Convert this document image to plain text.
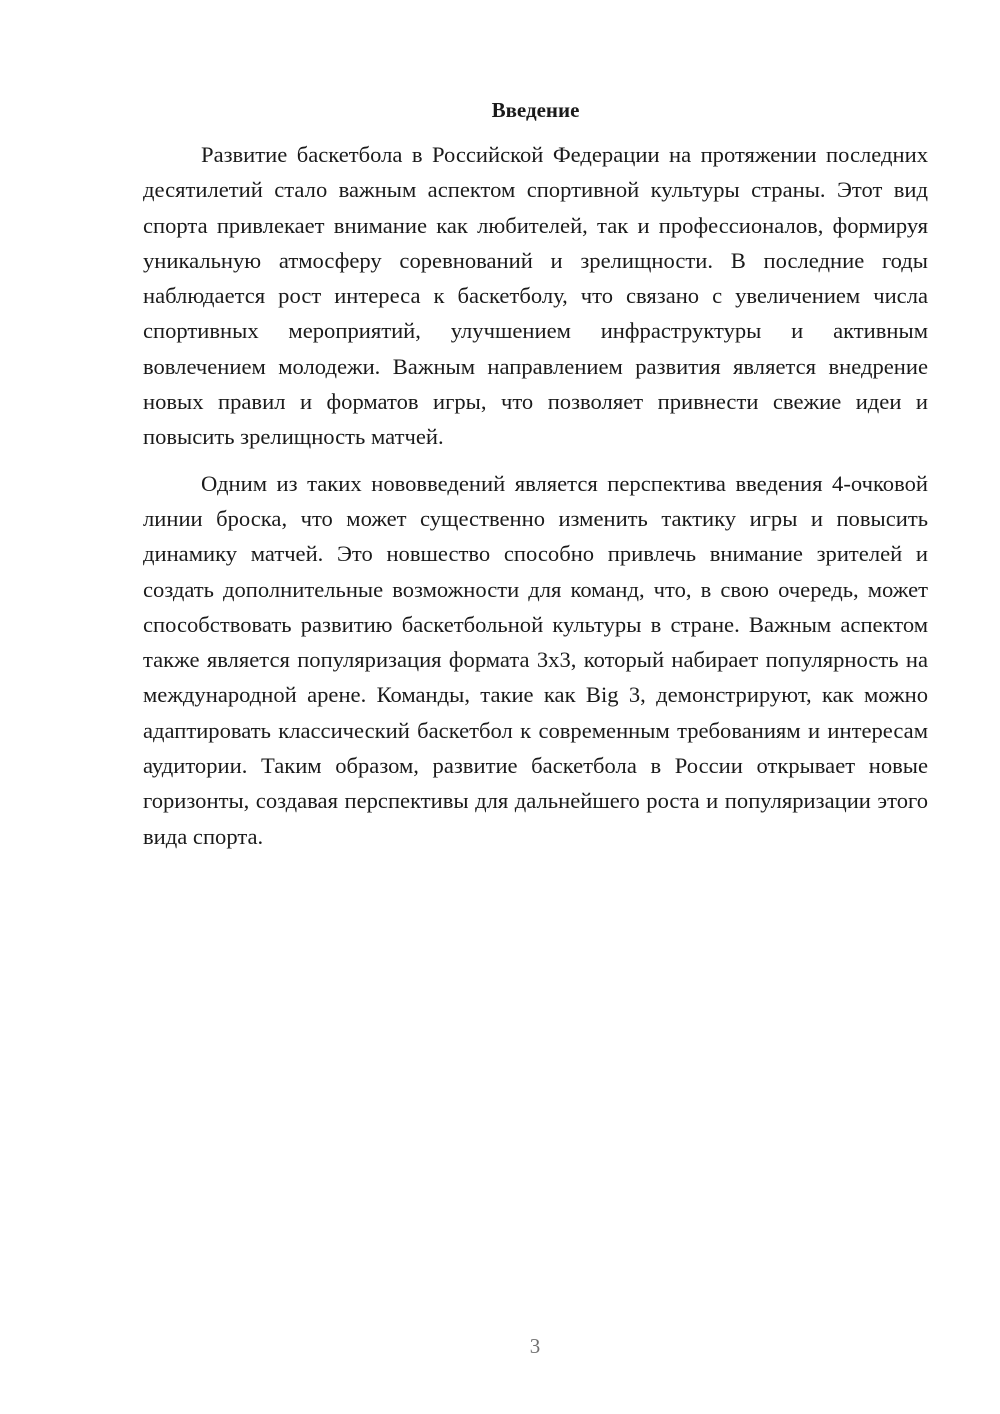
Введение

Развитие баскетбола в Российской Федерации на протяжении последних десятилетий стало важным аспектом спортивной культуры страны. Этот вид спорта привлекает внимание как любителей, так и профессионалов, формируя уникальную атмосферу соревнований и зрелищности. В последние годы наблюдается рост интереса к баскетболу, что связано с увеличением числа спортивных мероприятий, улучшением инфраструктуры и активным вовлечением молодежи. Важным направлением развития является внедрение новых правил и форматов игры, что позволяет привнести свежие идеи и повысить зрелищность матчей.

Одним из таких нововведений является перспектива введения 4-очковой линии броска, что может существенно изменить тактику игры и повысить динамику матчей. Это новшество способно привлечь внимание зрителей и создать дополнительные возможности для команд, что, в свою очередь, может способствовать развитию баскетбольной культуры в стране. Важным аспектом также является популяризация формата 3x3, который набирает популярность на международной арене. Команды, такие как Big 3, демонстрируют, как можно адаптировать классический баскетбол к современным требованиям и интересам аудитории. Таким образом, развитие баскетбола в России открывает новые горизонты, создавая перспективы для дальнейшего роста и популяризации этого вида спорта.

3
